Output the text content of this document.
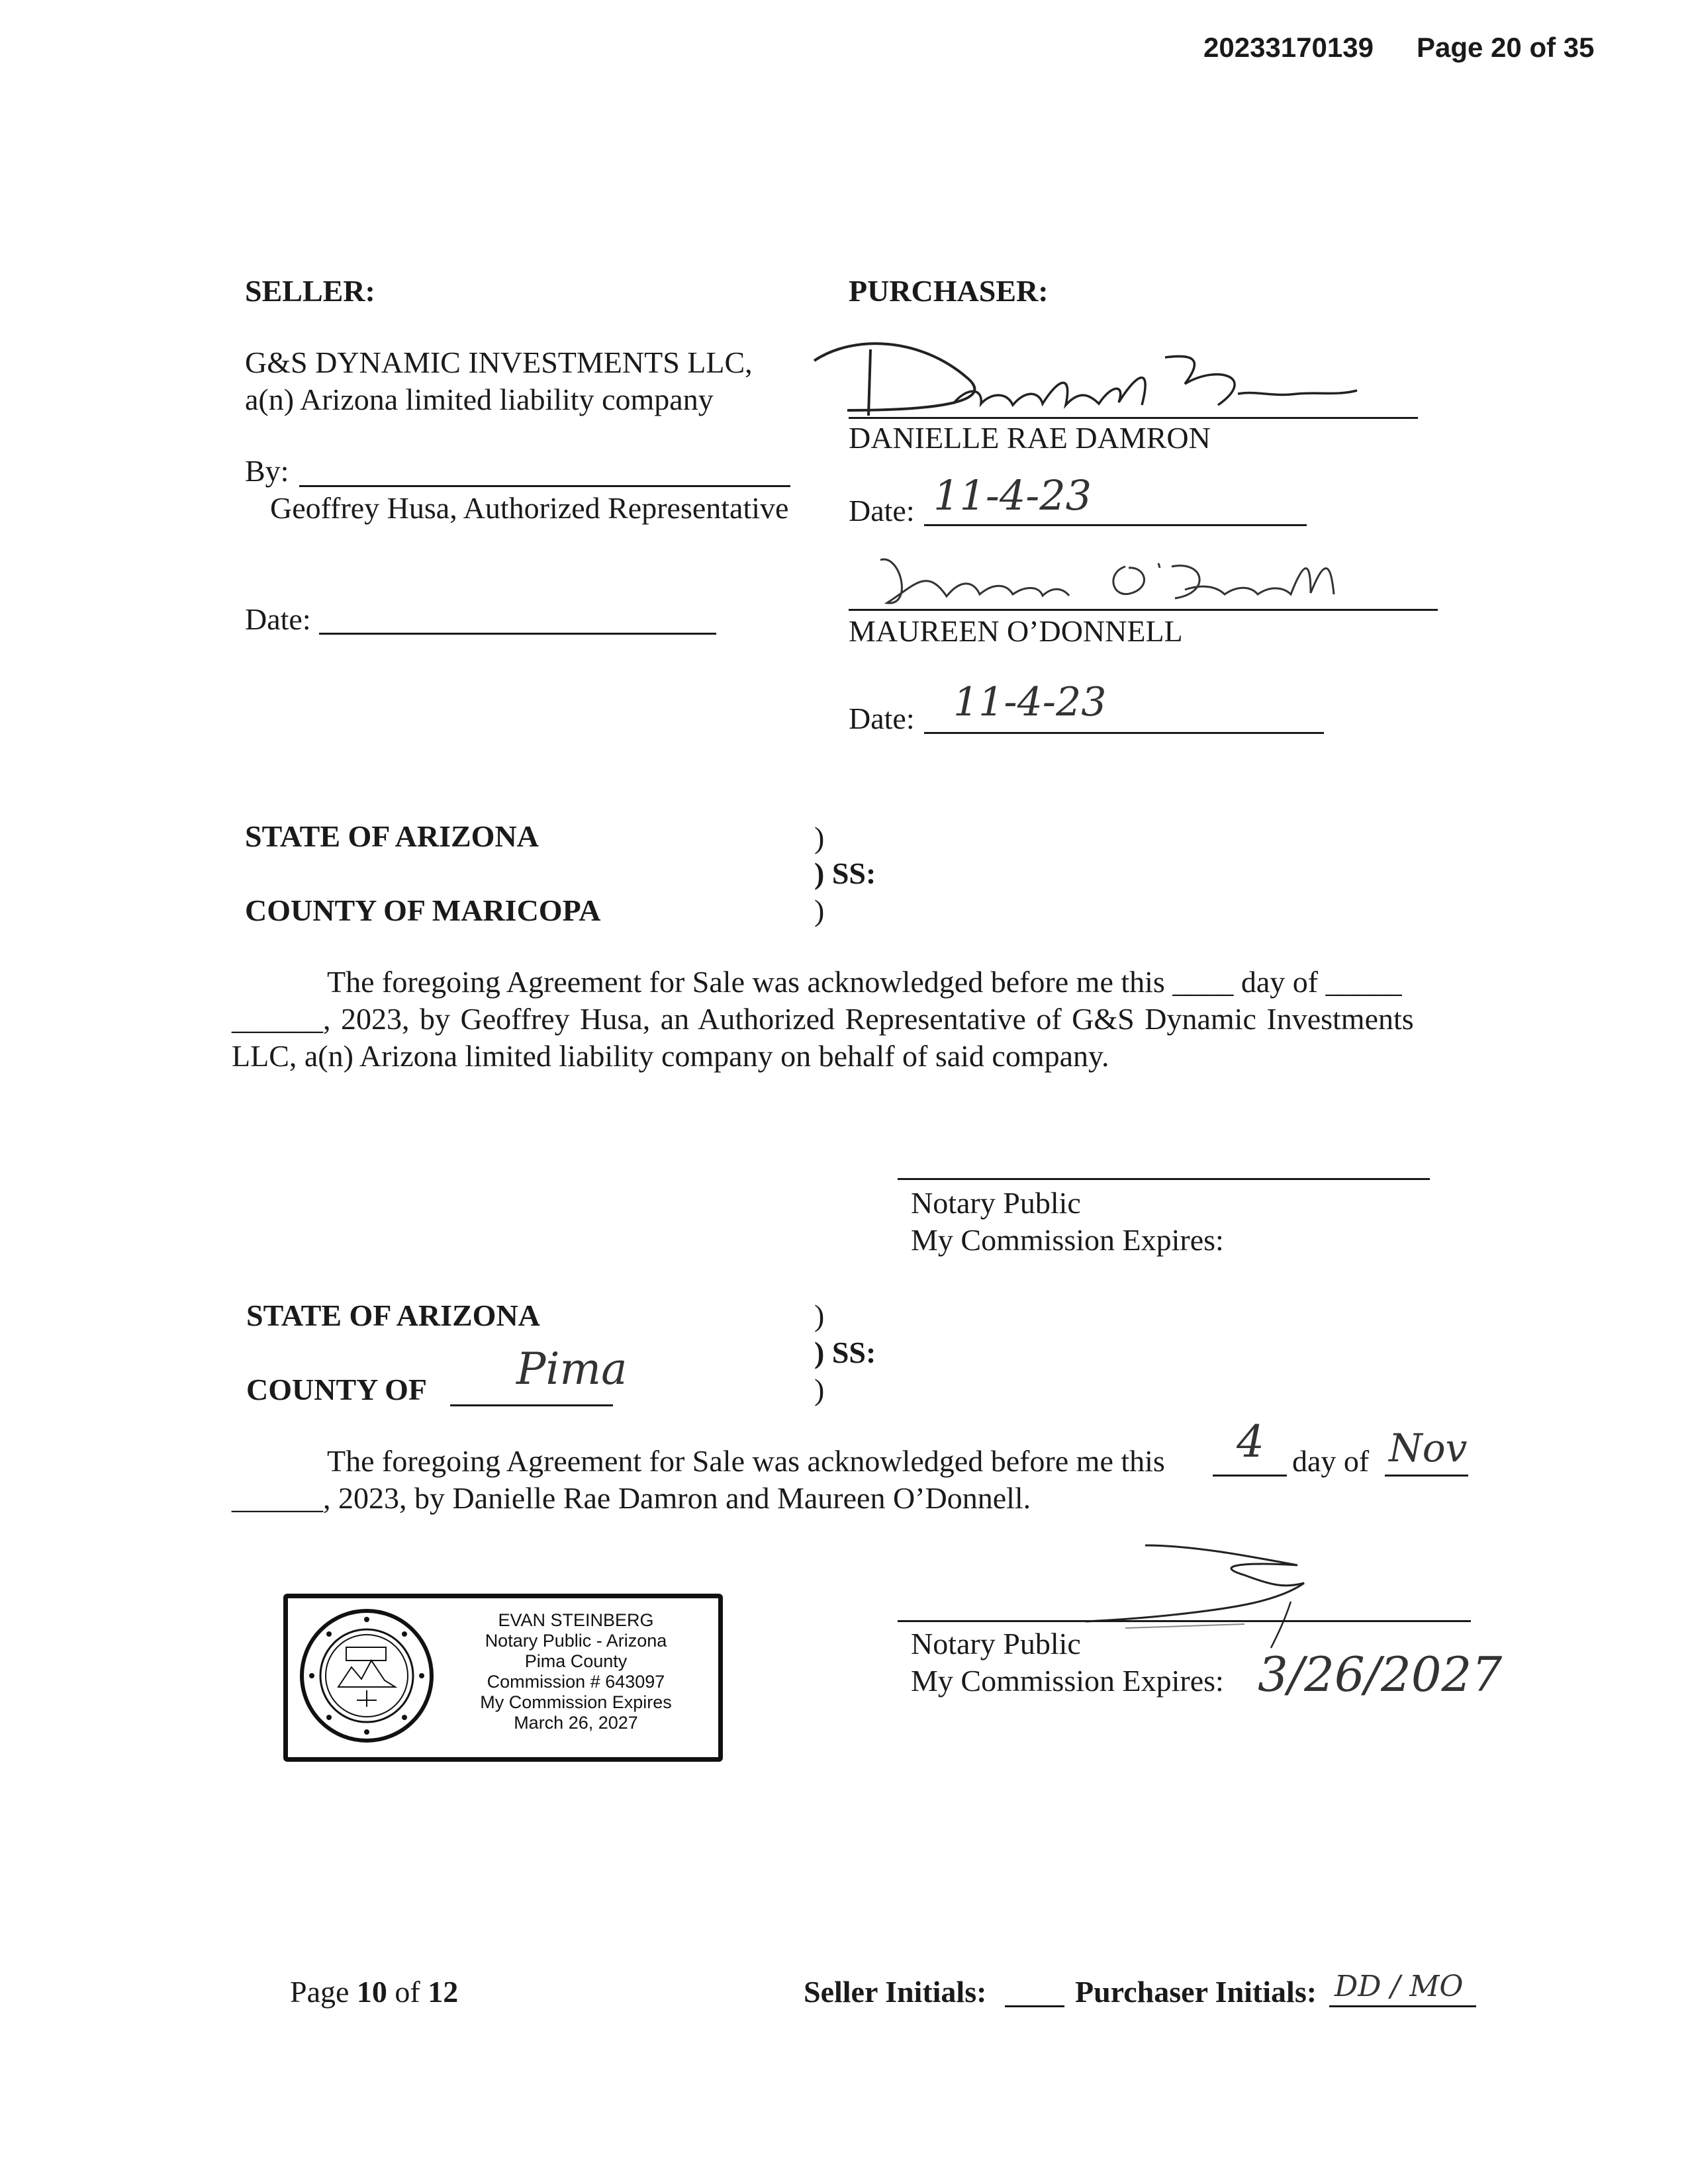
20233170139 Page 20 of 35
SELLER:
G&S DYNAMIC INVESTMENTS LLC,
a(n) Arizona limited liability company
By:
Geoffrey Husa, Authorized Representative
Date:
PURCHASER:
DANIELLE RAE DAMRON
Date: 11-4-23
MAUREEN O’DONNELL
Date: 11-4-23
STATE OF ARIZONA
COUNTY OF MARICOPA
)
) SS:
)
The foregoing Agreement for Sale was acknowledged before me this ____ day of _____
______, 2023, by Geoffrey Husa, an Authorized Representative of G&S Dynamic Investments
LLC, a(n) Arizona limited liability company on behalf of said company.
Notary Public
My Commission Expires:
STATE OF ARIZONA
COUNTY OF Pima
)
) SS:
)
The foregoing Agreement for Sale was acknowledged before me this 4 day of Nov
______, 2023, by Danielle Rae Damron and Maureen O’Donnell.
EVAN STEINBERG
Notary Public - Arizona
Pima County
Commission # 643097
My Commission Expires
March 26, 2027
Notary Public
My Commission Expires: 3/26/2027
Page 10 of 12	Seller Initials:	Purchaser Initials: DD / MO
